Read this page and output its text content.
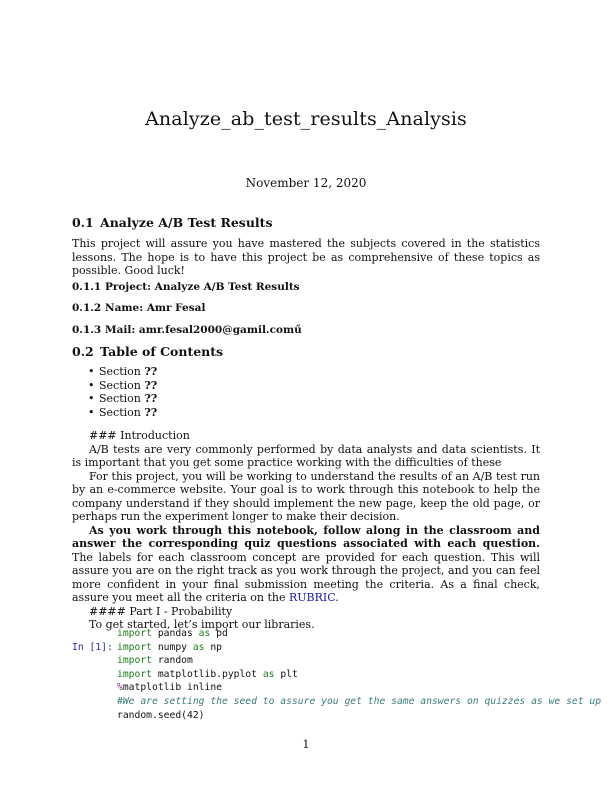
Analyze_ab_test_results_Analysis
November 12, 2020
0.1 Analyze A/B Test Results
This project will assure you have mastered the subjects covered in the statistics lessons. The hope is to have this project be as comprehensive of these topics as possible. Good luck!
0.1.1 Project: Analyze A/B Test Results
0.1.2 Name: Amr Fesal
0.1.3 Mail: amr.fesal2000@gamil.comű
0.2 Table of Contents
• Section ??
• Section ??
• Section ??
• Section ??

### Introduction

A/B tests are very commonly performed by data analysts and data scientists. It is important that you get some practice working with the difficulties of these

For this project, you will be working to understand the results of an A/B test run by an e-commerce website. Your goal is to work through this notebook to help the company understand if they should implement the new page, keep the old page, or perhaps run the experiment longer to make their decision.

As you work through this notebook, follow along in the classroom and answer the corresponding quiz questions associated with each question. The labels for each classroom concept are provided for each question. This will assure you are on the right track as you work through the project, and you can feel more confident in your final submission meeting the criteria. As a final check, assure you meet all the criteria on the RUBRIC.

#### Part I - Probability

To get started, let’s import our libraries.

In [1]:

import pandas as pd
import numpy as np
import random
import matplotlib.pyplot as plt
%matplotlib inline
#We are setting the seed to assure you get the same answers on quizzes as we set up
random.seed(42)

1
